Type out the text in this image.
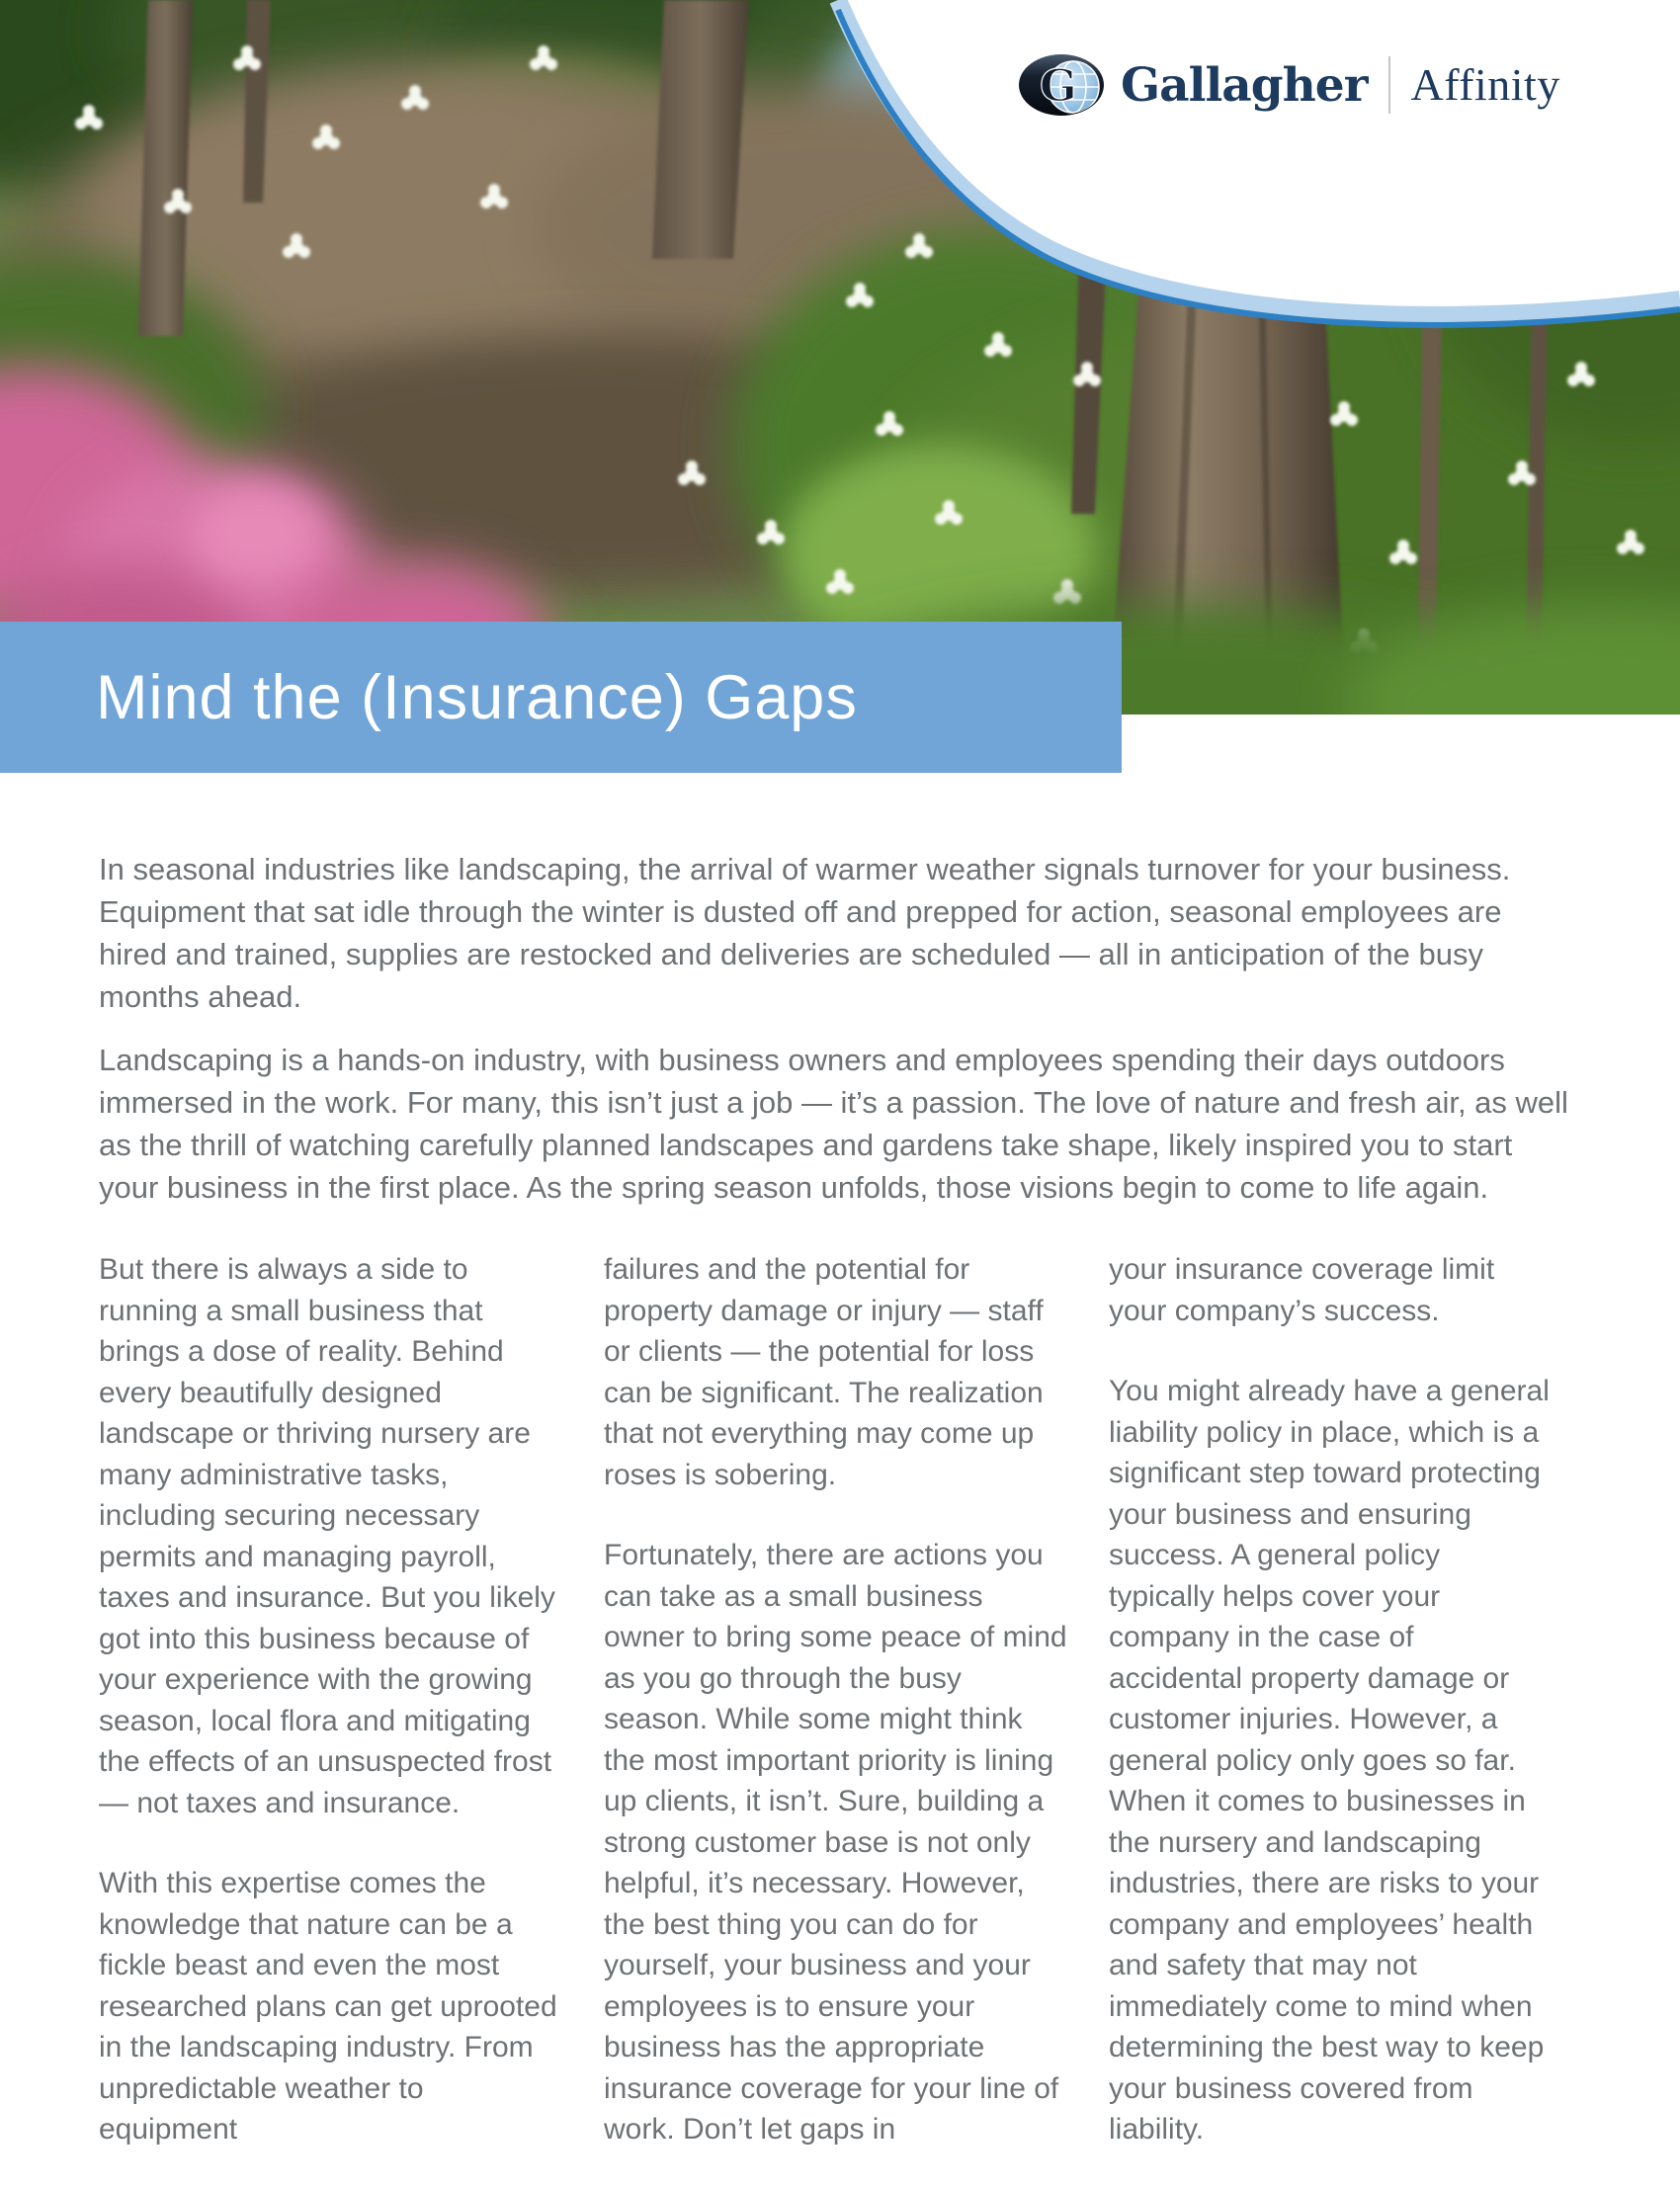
G Gallagher Affinity
Mind the (Insurance) Gaps

In seasonal industries like landscaping, the arrival of warmer weather signals turnover for your business. Equipment that sat idle through the winter is dusted off and prepped for action, seasonal employees are hired and trained, supplies are restocked and deliveries are scheduled — all in anticipation of the busy months ahead.

Landscaping is a hands-on industry, with business owners and employees spending their days outdoors immersed in the work. For many, this isn’t just a job — it’s a passion. The love of nature and fresh air, as well as the thrill of watching carefully planned landscapes and gardens take shape, likely inspired you to start your business in the first place. As the spring season unfolds, those visions begin to come to life again.

But there is always a side to running a small business that brings a dose of reality. Behind every beautifully designed landscape or thriving nursery are many administrative tasks, including securing necessary permits and managing payroll, taxes and insurance. But you likely got into this business because of your experience with the growing season, local flora and mitigating the effects of an unsuspected frost — not taxes and insurance.

With this expertise comes the knowledge that nature can be a fickle beast and even the most researched plans can get uprooted in the landscaping industry. From unpredictable weather to equipment

failures and the potential for property damage or injury — staff or clients — the potential for loss can be significant. The realization that not everything may come up roses is sobering.

Fortunately, there are actions you can take as a small business owner to bring some peace of mind as you go through the busy season. While some might think the most important priority is lining up clients, it isn’t. Sure, building a strong customer base is not only helpful, it’s necessary. However, the best thing you can do for yourself, your business and your employees is to ensure your business has the appropriate insurance coverage for your line of work. Don’t let gaps in

your insurance coverage limit your company’s success.

You might already have a general liability policy in place, which is a significant step toward protecting your business and ensuring success. A general policy typically helps cover your company in the case of accidental property damage or customer injuries. However, a general policy only goes so far. When it comes to businesses in the nursery and landscaping industries, there are risks to your company and employees’ health and safety that may not immediately come to mind when determining the best way to keep your business covered from liability.
